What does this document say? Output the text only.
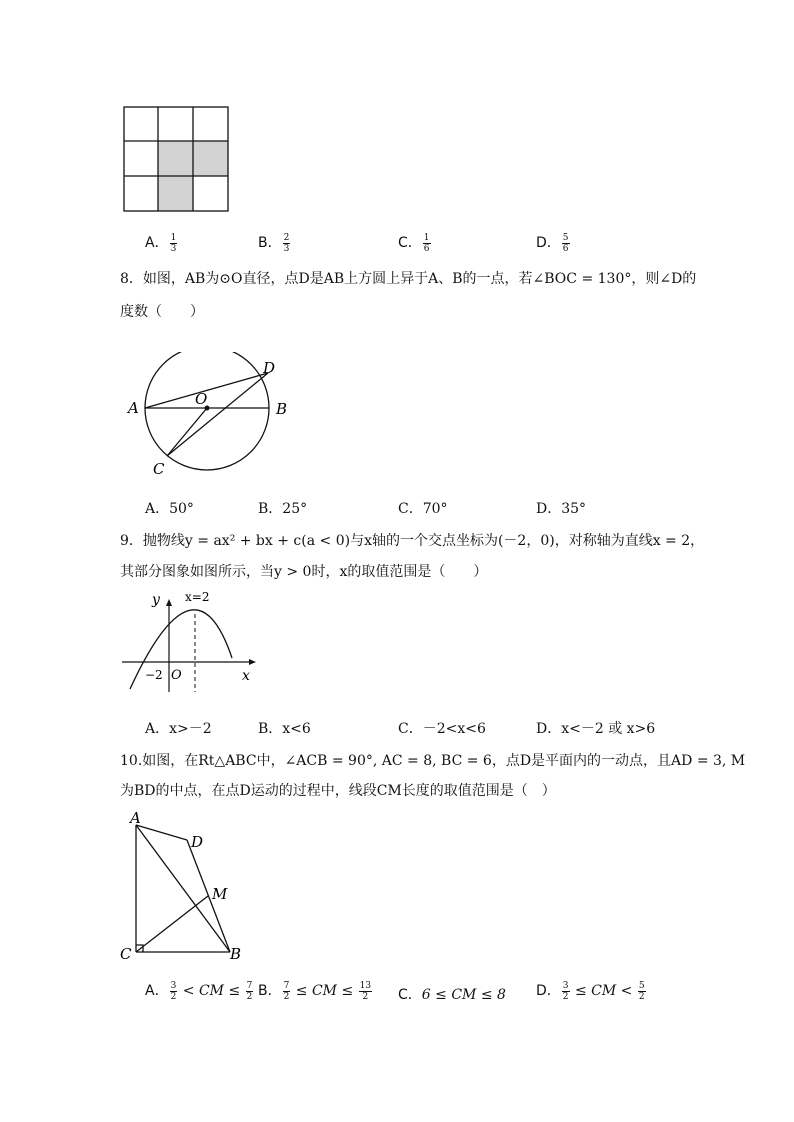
A． $\frac{1}{3}$	B． $\frac{2}{3}$	C． $\frac{1}{6}$	D． $\frac{5}{6}$
8．如图，AB为⊙O直径，点D是AB上方圆上异于A、B的一点，若∠BOC = 130°，则∠D的
度数（　　）
A	B
C
D
O
A．50°	B．25°	C．70°	D．35°
9．抛物线y = ax² + bx + c(a < 0)与x轴的一个交点坐标为(－2，0)，对称轴为直线x = 2，
其部分图象如图所示，当y > 0时，x的取值范围是（　　）
y x=2
−2 O	x
A．x>－2	B．x<6	C．－2<x<6	D．x<－2 或 x>6
10.如图，在Rt△ABC中，∠ACB = 90°, AC = 8, BC = 6，点D是平面内的一动点，且AD = 3, M
为BD的中点，在点D运动的过程中，线段CM长度的取值范围是（　）
A
D
M
C	B
A． $\frac{3}{2}$ < CM ≤ $\frac{7}{2}$ B． $\frac{7}{2}$ ≤ CM ≤ $\frac{13}{2}$ C．6 ≤ CM ≤ 8 D． $\frac{3}{2}$ ≤ CM < $\frac{5}{2}$
